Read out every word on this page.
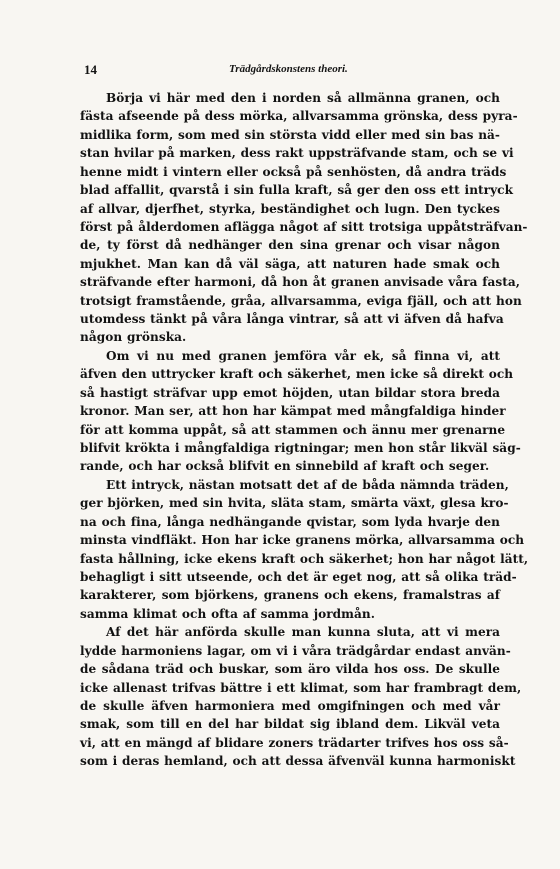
14	Trädgårdskonstens theori.
Börja vi här med den i norden så allmänna granen, och
fästa afseende på dess mörka, allvarsamma grönska, dess pyra-
midlika form, som med sin största vidd eller med sin bas nä-
stan hvilar på marken, dess rakt uppsträfvande stam, och se vi
henne midt i vintern eller också på senhösten, då andra träds
blad affallit, qvarstå i sin fulla kraft, så ger den oss ett intryck
af allvar, djerfhet, styrka, beständighet och lugn. Den tyckes
först på ålderdomen aflägga något af sitt trotsiga uppåtsträfvan-
de, ty först då nedhänger den sina grenar och visar någon
mjukhet. Man kan då väl säga, att naturen hade smak och
sträfvande efter harmoni, då hon åt granen anvisade våra fasta,
trotsigt framstående, gråa, allvarsamma, eviga fjäll, och att hon
utomdess tänkt på våra långa vintrar, så att vi äfven då hafva
någon grönska.
Om vi nu med granen jemföra vår ek, så finna vi, att
äfven den uttrycker kraft och säkerhet, men icke så direkt och
så hastigt sträfvar upp emot höjden, utan bildar stora breda
kronor. Man ser, att hon har kämpat med mångfaldiga hinder
för att komma uppåt, så att stammen och ännu mer grenarne
blifvit krökta i mångfaldiga rigtningar; men hon står likväl säg-
rande, och har också blifvit en sinnebild af kraft och seger.
Ett intryck, nästan motsatt det af de båda nämnda träden,
ger björken, med sin hvita, släta stam, smärta växt, glesa kro-
na och fina, långa nedhängande qvistar, som lyda hvarje den
minsta vindfläkt. Hon har icke granens mörka, allvarsamma och
fasta hållning, icke ekens kraft och säkerhet; hon har något lätt,
behagligt i sitt utseende, och det är eget nog, att så olika träd-
karakterer, som björkens, granens och ekens, framalstras af
samma klimat och ofta af samma jordmån.
Af det här anförda skulle man kunna sluta, att vi mera
lydde harmoniens lagar, om vi i våra trädgårdar endast använ-
de sådana träd och buskar, som äro vilda hos oss. De skulle
icke allenast trifvas bättre i ett klimat, som har frambragt dem,
de skulle äfven harmoniera med omgifningen och med vår
smak, som till en del har bildat sig ibland dem. Likväl veta
vi, att en mängd af blidare zoners trädarter trifves hos oss så-
som i deras hemland, och att dessa äfvenväl kunna harmoniskt
